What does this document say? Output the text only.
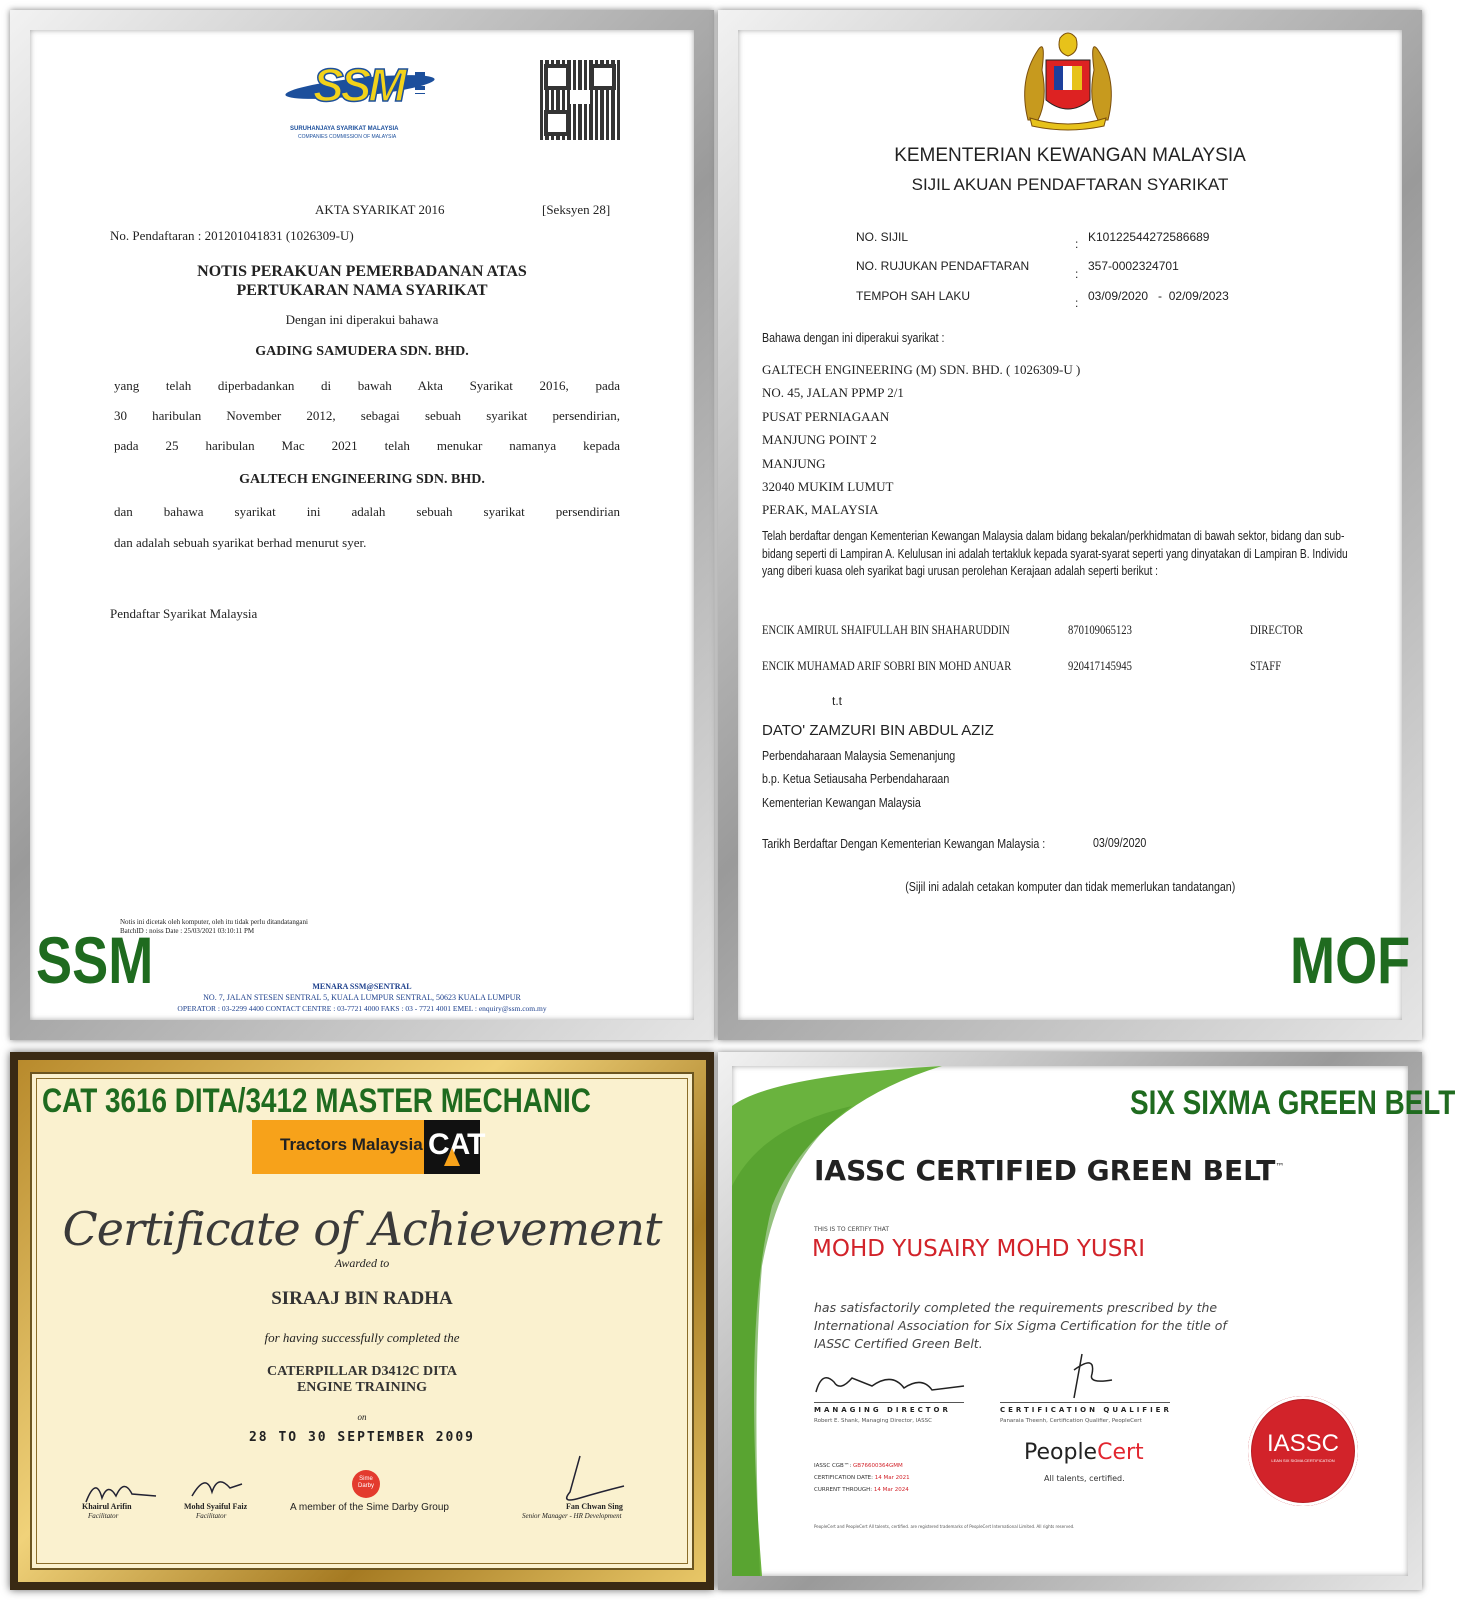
SSM
SURUHANJAYA SYARIKAT MALAYSIA
COMPANIES COMMISSION OF MALAYSIA
AKTA SYARIKAT 2016	[Seksyen 28]
No. Pendaftaran : 201201041831 (1026309-U)
NOTIS PERAKUAN PEMERBADANAN ATAS
PERTUKARAN NAMA SYARIKAT
Dengan ini diperakui bahawa
GADING SAMUDERA SDN. BHD.
yang telah diperbadankan di bawah Akta Syarikat 2016, pada
30 haribulan November 2012, sebagai sebuah syarikat persendirian,
pada 25 haribulan Mac 2021 telah menukar namanya kepada
GALTECH ENGINEERING SDN. BHD.
dan bahawa syarikat ini adalah sebuah syarikat persendirian
dan adalah sebuah syarikat berhad menurut syer.
Pendaftar Syarikat Malaysia
Notis ini dicetak oleh komputer, oleh itu tidak perlu ditandatangani
BatchID : noiss Date : 25/03/2021 03:10:11 PM
MENARA SSM@SENTRAL
NO. 7, JALAN STESEN SENTRAL 5, KUALA LUMPUR SENTRAL, 50623 KUALA LUMPUR
OPERATOR : 03-2299 4400 CONTACT CENTRE : 03-7721 4000 FAKS : 03 - 7721 4001 EMEL : enquiry@ssm.com.my
SSM
KEMENTERIAN KEWANGAN MALAYSIA
SIJIL AKUAN PENDAFTARAN SYARIKAT
NO. SIJIL	K10122544272586689
NO. RUJUKAN PENDAFTARAN	357-0002324701
TEMPOH SAH LAKU	03/09/2020   -  02/09/2023
:
:
:
Bahawa dengan ini diperakui syarikat :
GALTECH ENGINEERING (M) SDN. BHD. ( 1026309-U )
NO. 45, JALAN PPMP 2/1
PUSAT PERNIAGAAN
MANJUNG POINT 2
MANJUNG
32040 MUKIM LUMUT
PERAK, MALAYSIA
Telah berdaftar dengan Kementerian Kewangan Malaysia dalam bidang bekalan/perkhidmatan di bawah sektor, bidang dan sub-bidang seperti di Lampiran A. Kelulusan ini adalah tertakluk kepada syarat-syarat seperti yang dinyatakan di Lampiran B. Individu yang diberi kuasa oleh syarikat bagi urusan perolehan Kerajaan adalah seperti berikut :
ENCIK AMIRUL SHAIFULLAH BIN SHAHARUDDIN	870109065123	DIRECTOR
ENCIK MUHAMAD ARIF SOBRI BIN MOHD ANUAR	920417145945	STAFF
t.t
DATO' ZAMZURI BIN ABDUL AZIZ
Perbendaharaan Malaysia Semenanjung
b.p. Ketua Setiausaha Perbendaharaan
Kementerian Kewangan Malaysia
Tarikh Berdaftar Dengan Kementerian Kewangan Malaysia :	03/09/2020
(Sijil ini adalah cetakan komputer dan tidak memerlukan tandatangan)
MOF
Tractors Malaysia CAT
Certificate of Achievement
Awarded to
SIRAAJ BIN RADHA
for having successfully completed the
CATERPILLAR D3412C DITA
ENGINE TRAINING
on
28 TO 30 SEPTEMBER 2009
Khairul Arifin
Facilitator
Mohd Syaiful Faiz
Facilitator
Sime Darby
A member of the Sime Darby Group	Fan Chwan Sing
Senior Manager - HR Development
CAT 3616 DITA/3412 MASTER MECHANIC
IASSC CERTIFIED GREEN BELT™
THIS IS TO CERTIFY THAT
MOHD YUSAIRY MOHD YUSRI
has satisfactorily completed the requirements prescribed by the
International Association for Six Sigma Certification for the title of
IASSC Certified Green Belt.
MANAGING DIRECTOR
Robert E. Shank, Managing Director, IASSC
CERTIFICATION QUALIFIER
Panaraia Theenh, Certification Qualifier, PeopleCert
IASSC CGB™: GB76600364GMM
CERTIFICATION DATE: 14 Mar 2021
CURRENT THROUGH: 14 Mar 2024
PeopleCert
All talents, certified.
IASSC
LEAN SIX SIGMA CERTIFICATION
PeopleCert and PeopleCert All talents, certified. are registered trademarks of PeopleCert International Limited. All rights reserved.
SIX SIXMA GREEN BELT
